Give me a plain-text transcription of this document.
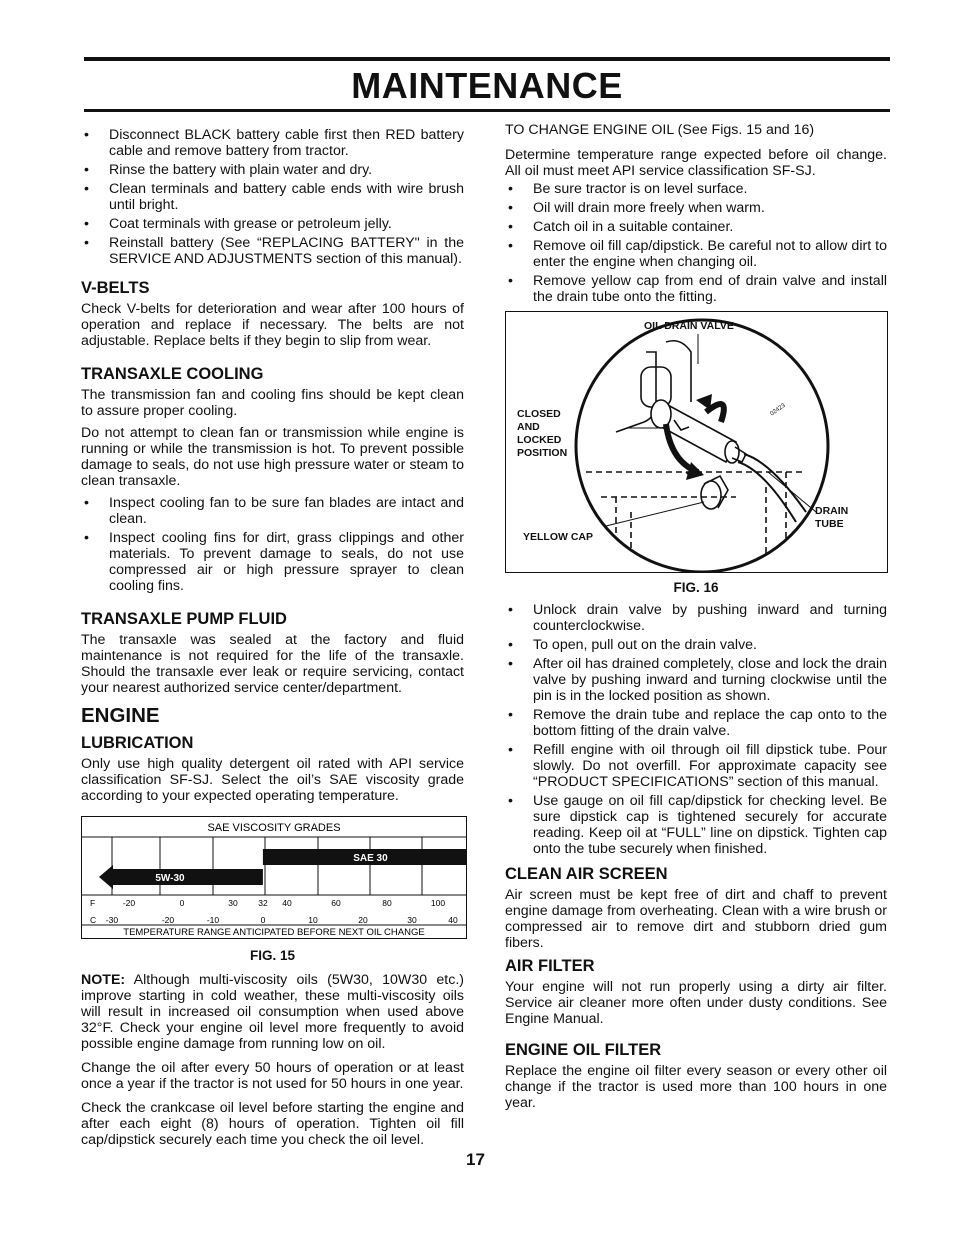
MAINTENANCE
• Disconnect BLACK battery cable first then RED battery cable and remove battery from tractor.
• Rinse the battery with plain water and dry.
• Clean terminals and battery cable ends with wire brush until bright.
• Coat terminals with grease or petroleum jelly.
• Reinstall battery (See “REPLACING BATTERY" in the SERVICE AND ADJUSTMENTS section of this manual).
V-BELTS

Check V-belts for deterioration and wear after 100 hours of operation and replace if necessary. The belts are not adjustable. Replace belts if they begin to slip from wear.

TRANSAXLE COOLING

The transmission fan and cooling fins should be kept clean to assure proper cooling.

Do not attempt to clean fan or transmission while engine is running or while the transmission is hot. To prevent possible damage to seals, do not use high pressure water or steam to clean transaxle.

• Inspect cooling fan to be sure fan blades are intact and clean.
• Inspect cooling fins for dirt, grass clippings and other materials. To prevent damage to seals, do not use compressed air or high pressure sprayer to clean cooling fins.
TRANSAXLE PUMP FLUID

The transaxle was sealed at the factory and fluid maintenance is not required for the life of the transaxle. Should the transaxle ever leak or require servicing, contact your nearest authorized service center/department.

ENGINE
LUBRICATION

Only use high quality detergent oil rated with API service classification SF-SJ. Select the oil’s SAE viscosity grade according to your expected operating temperature.

SAE VISCOSITY GRADES
5W-30
SAE 30
F	-20	0	30 32 40	60	80	100
C -30	-20	-10	0	10	20	30	40
TEMPERATURE RANGE ANTICIPATED BEFORE NEXT OIL CHANGE
FIG. 15

NOTE: Although multi-viscosity oils (5W30, 10W30 etc.) improve starting in cold weather, these multi-viscosity oils will result in increased oil consumption when used above 32°F. Check your engine oil level more frequently to avoid possible engine damage from running low on oil.

Change the oil after every 50 hours of operation or at least once a year if the tractor is not used for 50 hours in one year.

Check the crankcase oil level before starting the engine and after each eight (8) hours of operation. Tighten oil fill cap/dipstick securely each time you check the oil level.

TO CHANGE ENGINE OIL (See Figs. 15 and 16)

Determine temperature range expected before oil change. All oil must meet API service classification SF-SJ.

• Be sure tractor is on level surface.
• Oil will drain more freely when warm.
• Catch oil in a suitable container.
• Remove oil fill cap/dipstick. Be careful not to allow dirt to enter the engine when changing oil.
• Remove yellow cap from end of drain valve and install the drain tube onto the fitting.
OIL DRAIN VALVE
CLOSED
AND
LOCKED
POSITION
YELLOW CAP
DRAIN
TUBE
02423
FIG. 16
• Unlock drain valve by pushing inward and turning counterclockwise.
• To open, pull out on the drain valve.
• After oil has drained completely, close and lock the drain valve by pushing inward and turning clockwise until the pin is in the locked position as shown.
• Remove the drain tube and replace the cap onto to the bottom fitting of the drain valve.
• Refill engine with oil through oil fill dipstick tube. Pour slowly. Do not overfill. For approximate capacity see “PRODUCT SPECIFICATIONS” section of this manual.
• Use gauge on oil fill cap/dipstick for checking level. Be sure dipstick cap is tightened securely for accurate reading. Keep oil at “FULL” line on dipstick. Tighten cap onto the tube securely when finished.
CLEAN AIR SCREEN

Air screen must be kept free of dirt and chaff to prevent engine damage from overheating. Clean with a wire brush or compressed air to remove dirt and stubborn dried gum fibers.

AIR FILTER

Your engine will not run properly using a dirty air filter. Service air cleaner more often under dusty conditions. See Engine Manual.

ENGINE OIL FILTER

Replace the engine oil filter every season or every other oil change if the tractor is used more than 100 hours in one year.

17
